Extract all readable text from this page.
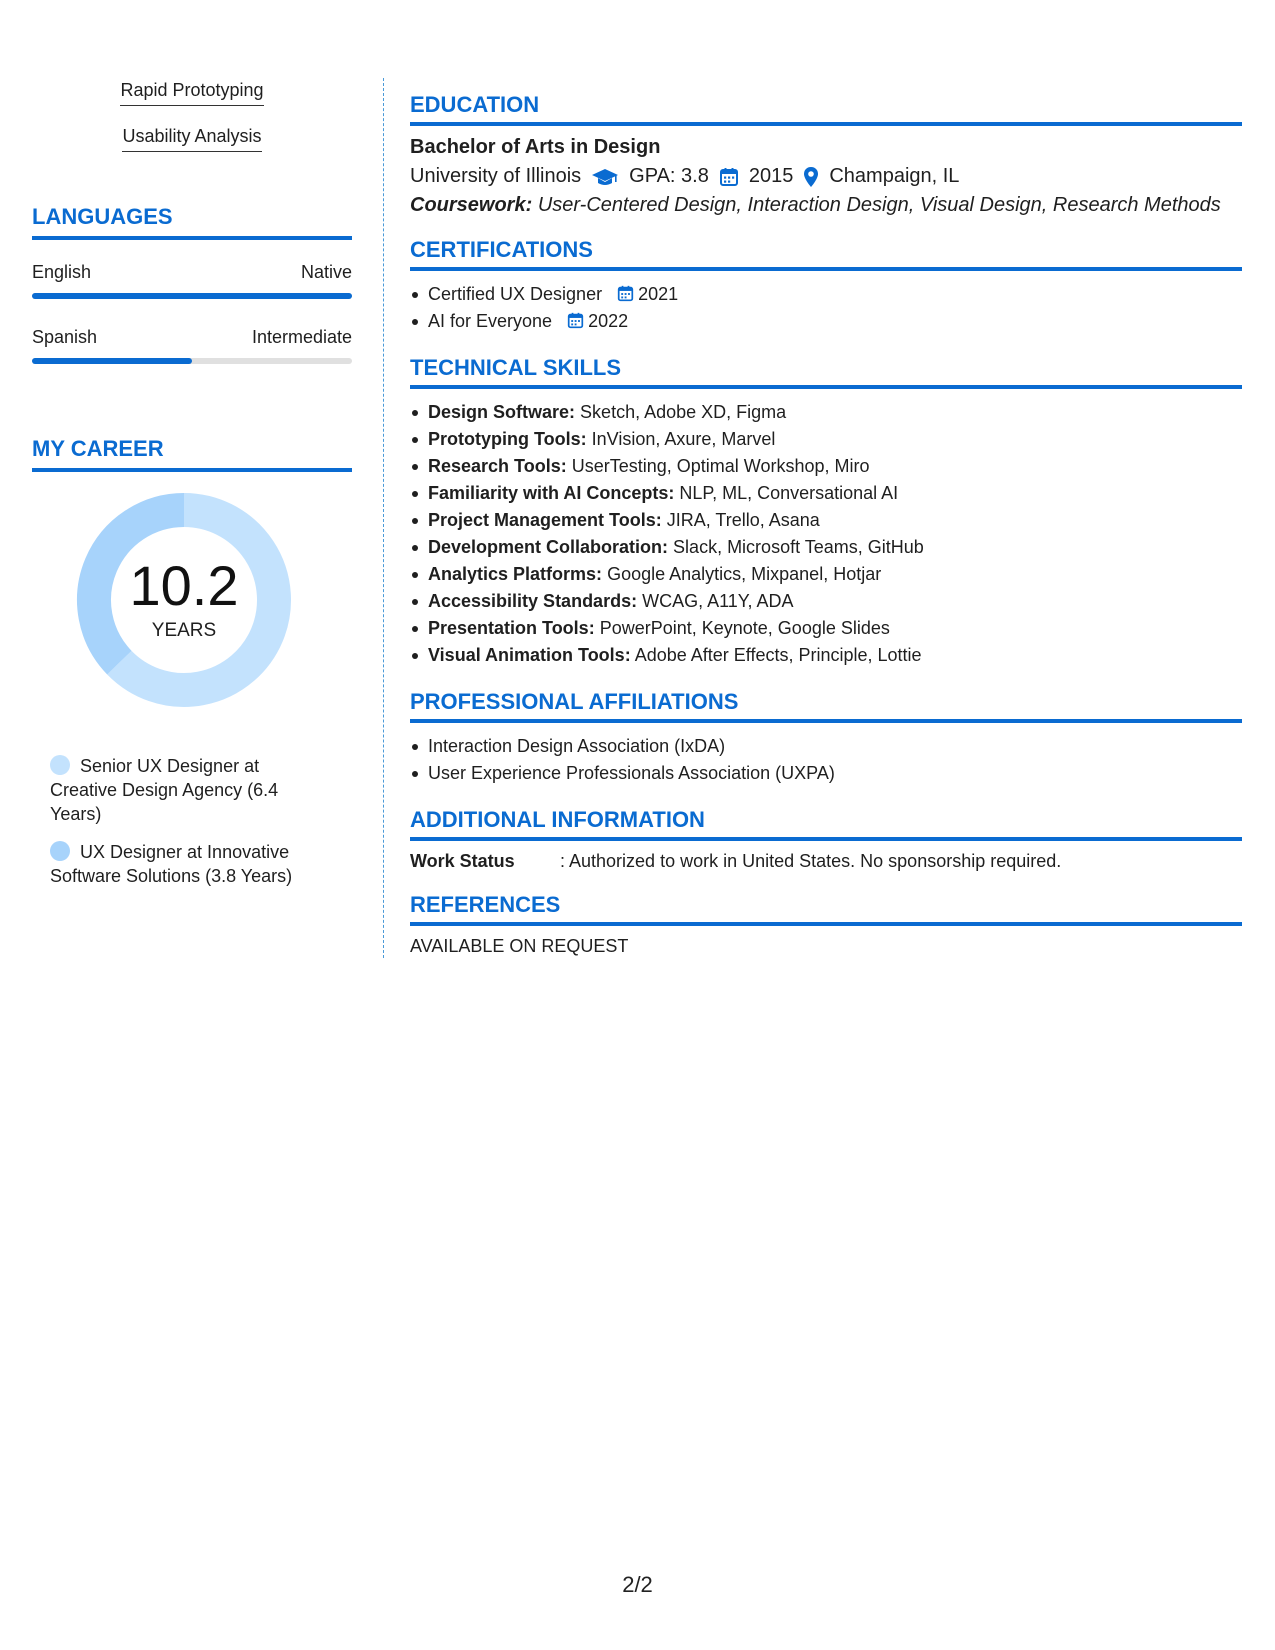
Rapid Prototyping
Usability Analysis
LANGUAGES
English	Native
Spanish	Intermediate
MY CAREER
10.2
YEARS
Senior UX Designer at Creative Design Agency (6.4 Years)
UX Designer at Innovative Software Solutions (3.8 Years)
EDUCATION
Bachelor of Arts in Design
University of Illinois GPA: 3.8 2015 Champaign, IL
Coursework: User-Centered Design, Interaction Design, Visual Design, Research Methods
CERTIFICATIONS
Certified UX Designer 2021
AI for Everyone 2022
TECHNICAL SKILLS
Design Software: Sketch, Adobe XD, Figma
Prototyping Tools: InVision, Axure, Marvel
Research Tools: UserTesting, Optimal Workshop, Miro
Familiarity with AI Concepts: NLP, ML, Conversational AI
Project Management Tools: JIRA, Trello, Asana
Development Collaboration: Slack, Microsoft Teams, GitHub
Analytics Platforms: Google Analytics, Mixpanel, Hotjar
Accessibility Standards: WCAG, A11Y, ADA
Presentation Tools: PowerPoint, Keynote, Google Slides
Visual Animation Tools: Adobe After Effects, Principle, Lottie
PROFESSIONAL AFFILIATIONS
Interaction Design Association (IxDA)
User Experience Professionals Association (UXPA)
ADDITIONAL INFORMATION
Work Status	: Authorized to work in United States. No sponsorship required.
REFERENCES
AVAILABLE ON REQUEST
2/2
